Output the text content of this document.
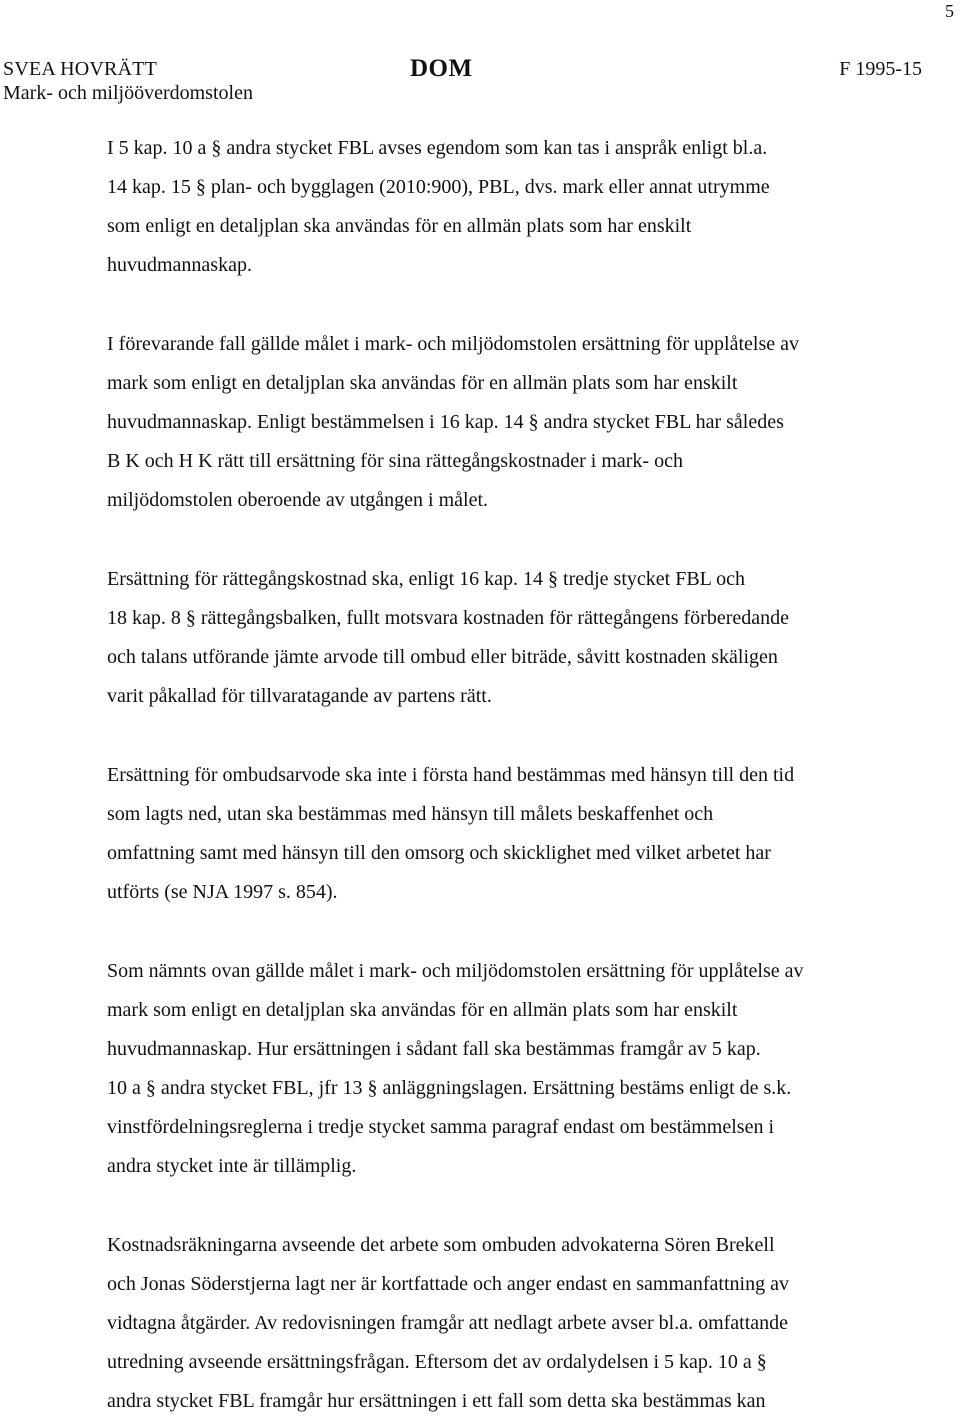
5
SVEA HOVRÄTT
Mark- och miljööverdomstolen
DOM	F 1995-15

I 5 kap. 10 a § andra stycket FBL avses egendom som kan tas i anspråk enligt bl.a.
14 kap. 15 § plan- och bygglagen (2010:900), PBL, dvs. mark eller annat utrymme
som enligt en detaljplan ska användas för en allmän plats som har enskilt
huvudmannaskap.

I förevarande fall gällde målet i mark- och miljödomstolen ersättning för upplåtelse av
mark som enligt en detaljplan ska användas för en allmän plats som har enskilt
huvudmannaskap. Enligt bestämmelsen i 16 kap. 14 § andra stycket FBL har således
B K och H K rätt till ersättning för sina rättegångskostnader i mark- och
miljödomstolen oberoende av utgången i målet.

Ersättning för rättegångskostnad ska, enligt 16 kap. 14 § tredje stycket FBL och
18 kap. 8 § rättegångsbalken, fullt motsvara kostnaden för rättegångens förberedande
och talans utförande jämte arvode till ombud eller biträde, såvitt kostnaden skäligen
varit påkallad för tillvaratagande av partens rätt.

Ersättning för ombudsarvode ska inte i första hand bestämmas med hänsyn till den tid
som lagts ned, utan ska bestämmas med hänsyn till målets beskaffenhet och
omfattning samt med hänsyn till den omsorg och skicklighet med vilket arbetet har
utförts (se NJA 1997 s. 854).

Som nämnts ovan gällde målet i mark- och miljödomstolen ersättning för upplåtelse av
mark som enligt en detaljplan ska användas för en allmän plats som har enskilt
huvudmannaskap. Hur ersättningen i sådant fall ska bestämmas framgår av 5 kap.
10 a § andra stycket FBL, jfr 13 § anläggningslagen. Ersättning bestäms enligt de s.k.
vinstfördelningsreglerna i tredje stycket samma paragraf endast om bestämmelsen i
andra stycket inte är tillämplig.

Kostnadsräkningarna avseende det arbete som ombuden advokaterna Sören Brekell
och Jonas Söderstjerna lagt ner är kortfattade och anger endast en sammanfattning av
vidtagna åtgärder. Av redovisningen framgår att nedlagt arbete avser bl.a. omfattande
utredning avseende ersättningsfrågan. Eftersom det av ordalydelsen i 5 kap. 10 a §
andra stycket FBL framgår hur ersättningen i ett fall som detta ska bestämmas kan
